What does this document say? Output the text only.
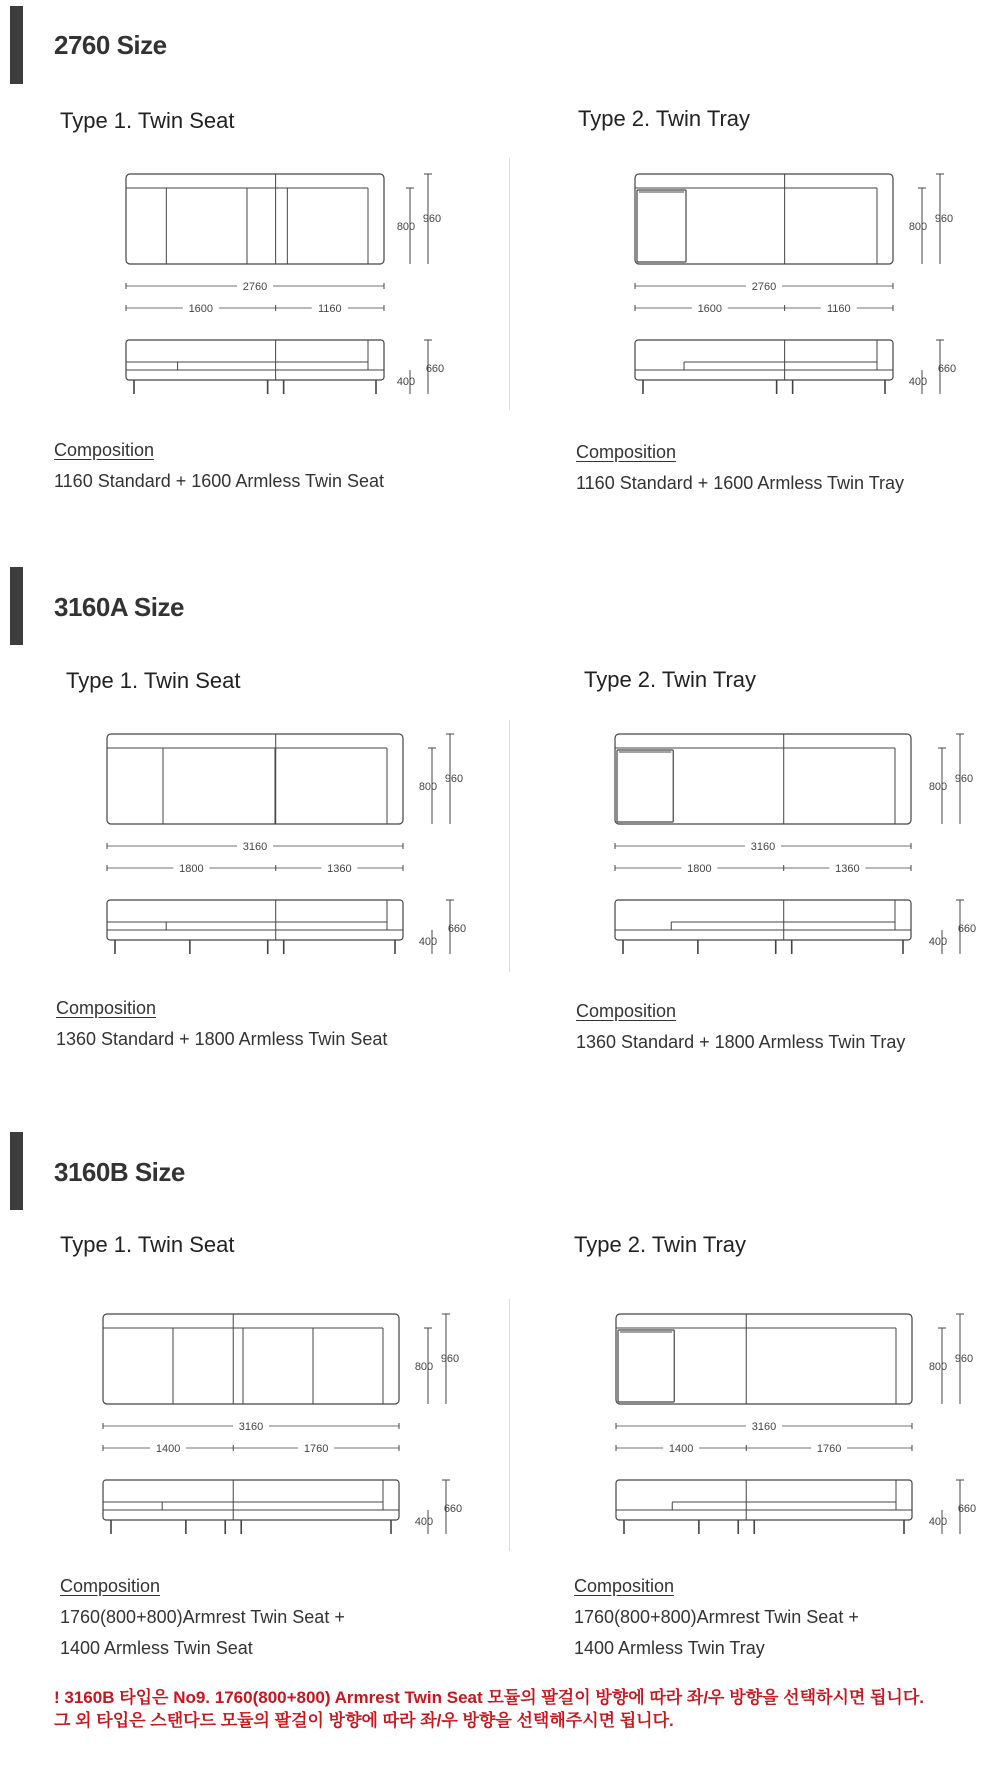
2760 Size
Type 1. Twin Seat
800
960
2760
1600	1160
660
400
Composition
1160 Standard + 1600 Armless Twin Seat
Type 2. Twin Tray
800
960
2760
1600	1160
660
400
Composition
1160 Standard + 1600 Armless Twin Tray
3160A Size
Type 1. Twin Seat
800
960
3160
1800	1360
660
400
Composition
1360 Standard + 1800 Armless Twin Seat
Type 2. Twin Tray
800
960
3160
1800	1360
660
400
Composition
1360 Standard + 1800 Armless Twin Tray
3160B Size
Type 1. Twin Seat
800
960
3160
1400	1760
660
400
Composition
1760(800+800)Armrest Twin Seat +
1400 Armless Twin Seat
Type 2. Twin Tray
800
960
3160
1400	1760
660
400
Composition
1760(800+800)Armrest Twin Seat +
1400 Armless Twin Tray
! 3160B 타입은 No9. 1760(800+800) Armrest Twin Seat 모듈의 팔걸이 방향에 따라 좌/우 방향을 선택하시면 됩니다.
그 외 타입은 스탠다드 모듈의 팔걸이 방향에 따라 좌/우 방향을 선택해주시면 됩니다.
